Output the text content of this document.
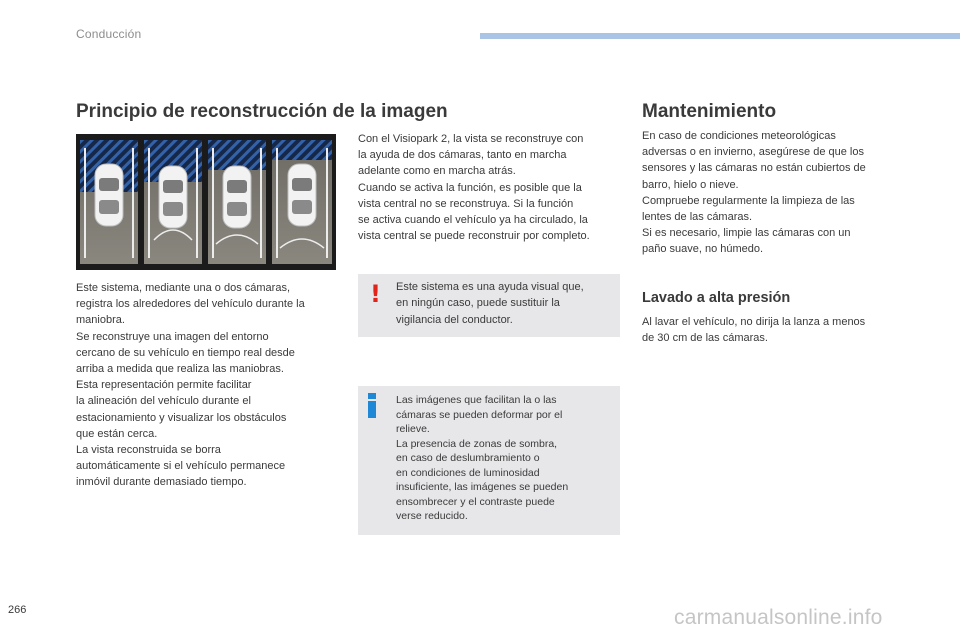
Conducción
Principio de reconstrucción de la imagen	Mantenimiento
Este sistema, mediante una o dos cámaras,
registra los alrededores del vehículo durante la
maniobra.
Se reconstruye una imagen del entorno
cercano de su vehículo en tiempo real desde
arriba a medida que realiza las maniobras.
Esta representación permite facilitar
la alineación del vehículo durante el
estacionamiento y visualizar los obstáculos
que están cerca.
La vista reconstruida se borra
automáticamente si el vehículo permanece
inmóvil durante demasiado tiempo.
Con el Visiopark 2, la vista se reconstruye con
la ayuda de dos cámaras, tanto en marcha
adelante como en marcha atrás.
Cuando se activa la función, es posible que la
vista central no se reconstruya. Si la función
se activa cuando el vehículo ya ha circulado, la
vista central se puede reconstruir por completo.
! Este sistema es una ayuda visual que,
en ningún caso, puede sustituir la
vigilancia del conductor.
Las imágenes que facilitan la o las
cámaras se pueden deformar por el
relieve.
La presencia de zonas de sombra,
en caso de deslumbramiento o
en condiciones de luminosidad
insuficiente, las imágenes se pueden
ensombrecer y el contraste puede
verse reducido.
En caso de condiciones meteorológicas
adversas o en invierno, asegúrese de que los
sensores y las cámaras no están cubiertos de
barro, hielo o nieve.
Compruebe regularmente la limpieza de las
lentes de las cámaras.
Si es necesario, limpie las cámaras con un
paño suave, no húmedo.
Lavado a alta presión
Al lavar el vehículo, no dirija la lanza a menos
de 30 cm de las cámaras.
266	carmanualsonline.info
